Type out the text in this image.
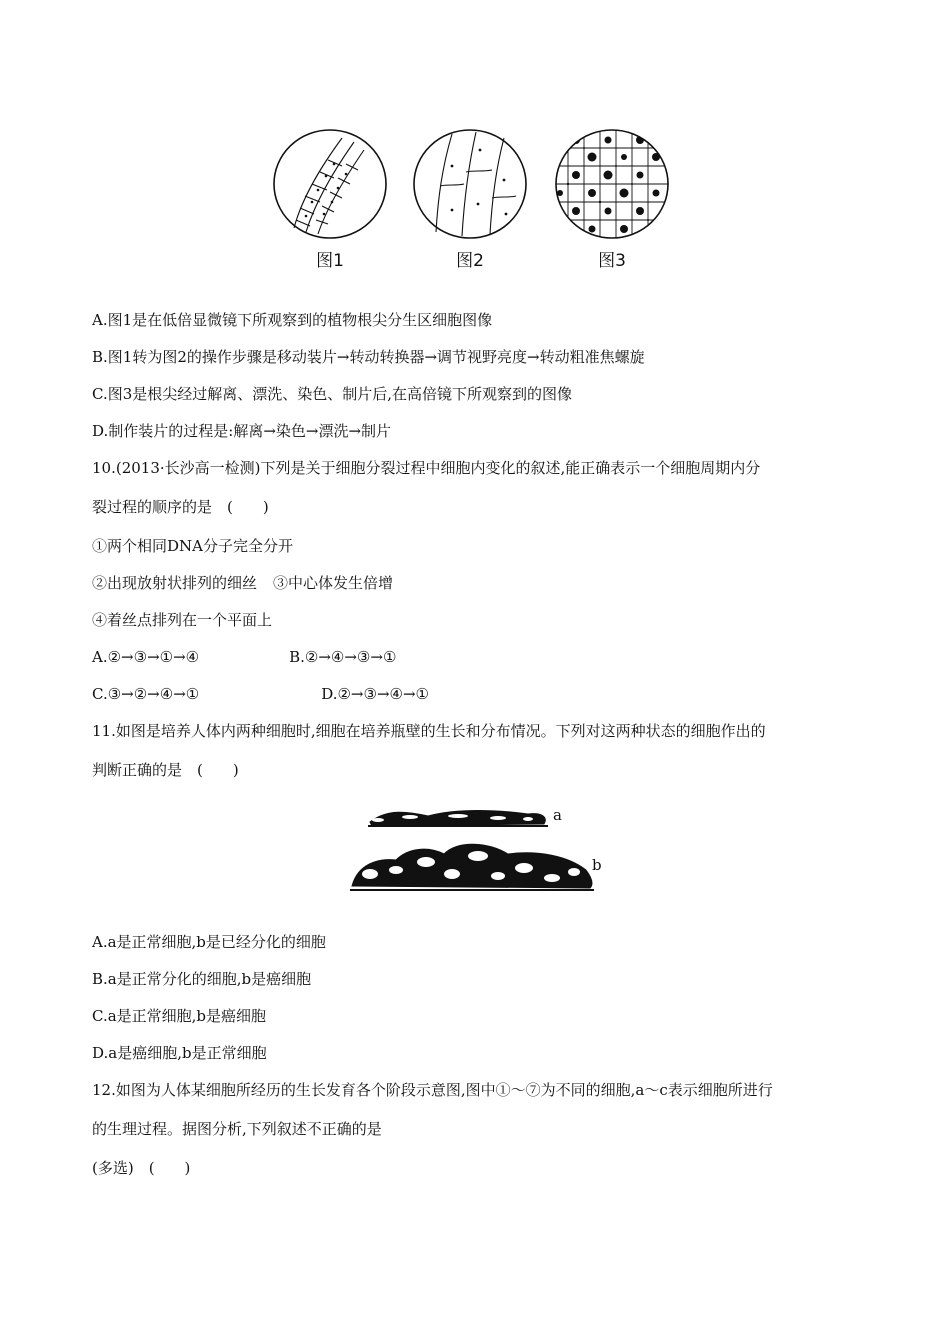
图1	图2	图3
A.图1是在低倍显微镜下所观察到的植物根尖分生区细胞图像
B.图1转为图2的操作步骤是移动装片→转动转换器→调节视野亮度→转动粗准焦螺旋
C.图3是根尖经过解离、漂洗、染色、制片后,在高倍镜下所观察到的图像
D.制作装片的过程是:解离→染色→漂洗→制片
10.(2013·长沙高一检测)下列是关于细胞分裂过程中细胞内变化的叙述,能正确表示一个细胞周期内分
裂过程的顺序的是　(　　)
①两个相同DNA分子完全分开
②出现放射状排列的细丝 ③中心体发生倍增
④着丝点排列在一个平面上
A.②→③→①→④	B.②→④→③→①
C.③→②→④→①	D.②→③→④→①
11.如图是培养人体内两种细胞时,细胞在培养瓶壁的生长和分布情况。下列对这两种状态的细胞作出的
判断正确的是　(　　)
a
b
A.a是正常细胞,b是已经分化的细胞
B.a是正常分化的细胞,b是癌细胞
C.a是正常细胞,b是癌细胞
D.a是癌细胞,b是正常细胞
12.如图为人体某细胞所经历的生长发育各个阶段示意图,图中①～⑦为不同的细胞,a～c表示细胞所进行
的生理过程。据图分析,下列叙述不正确的是
(多选)　(　　)
